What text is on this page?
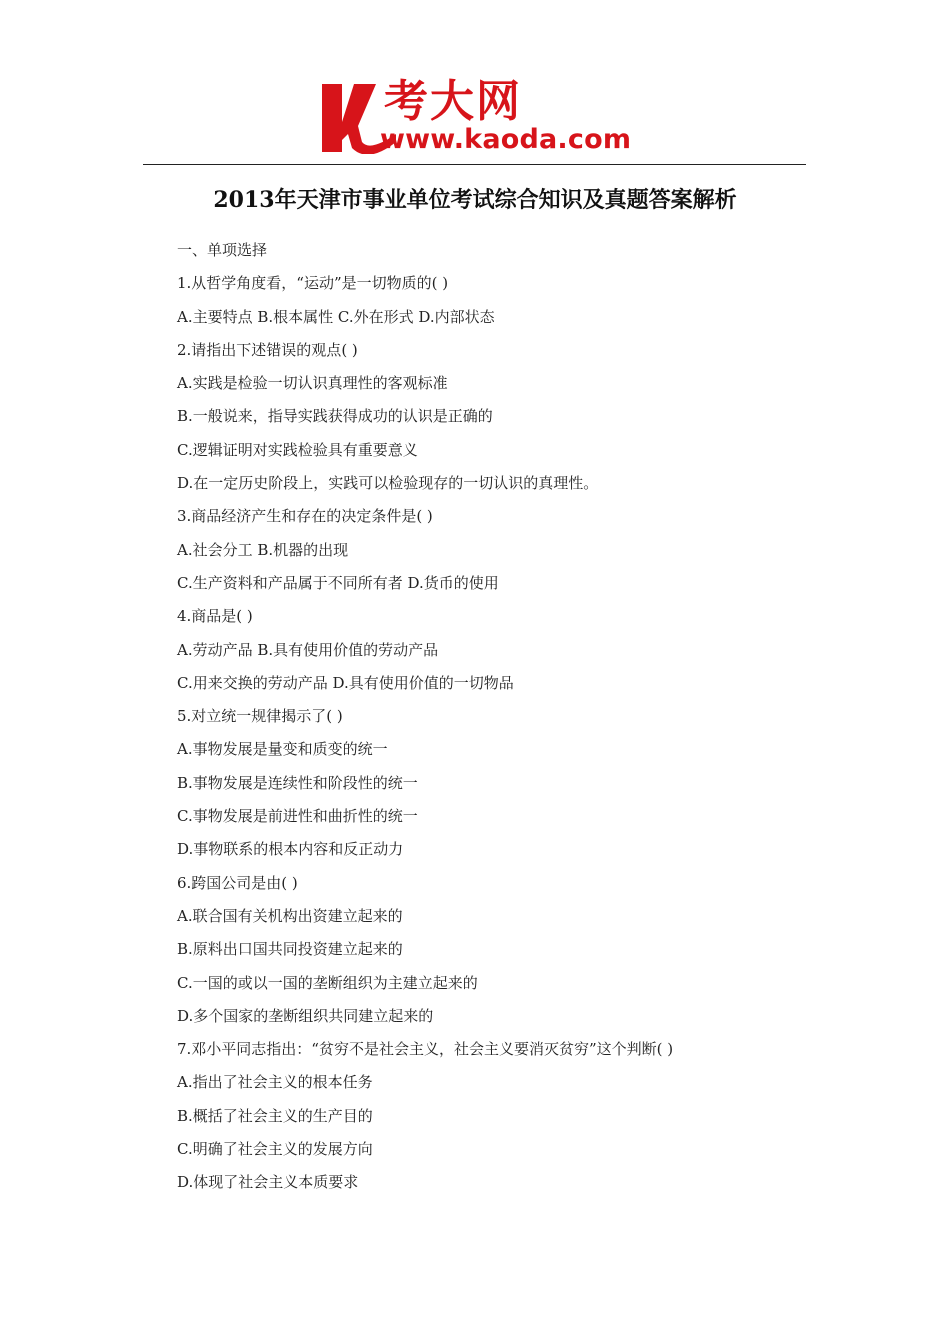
考大网
www.kaoda.com
2013年天津市事业单位考试综合知识及真题答案解析
一、单项选择
1.从哲学角度看，“运动”是一切物质的( )
A.主要特点 B.根本属性 C.外在形式 D.内部状态
2.请指出下述错误的观点( )
A.实践是检验一切认识真理性的客观标准
B.一般说来，指导实践获得成功的认识是正确的
C.逻辑证明对实践检验具有重要意义
D.在一定历史阶段上，实践可以检验现存的一切认识的真理性。
3.商品经济产生和存在的决定条件是( )
A.社会分工 B.机器的出现
C.生产资料和产品属于不同所有者 D.货币的使用
4.商品是( )
A.劳动产品 B.具有使用价值的劳动产品
C.用来交换的劳动产品 D.具有使用价值的一切物品
5.对立统一规律揭示了( )
A.事物发展是量变和质变的统一
B.事物发展是连续性和阶段性的统一
C.事物发展是前进性和曲折性的统一
D.事物联系的根本内容和反正动力
6.跨国公司是由( )
A.联合国有关机构出资建立起来的
B.原料出口国共同投资建立起来的
C.一国的或以一国的垄断组织为主建立起来的
D.多个国家的垄断组织共同建立起来的
7.邓小平同志指出：“贫穷不是社会主义，社会主义要消灭贫穷”这个判断( )
A.指出了社会主义的根本任务
B.概括了社会主义的生产目的
C.明确了社会主义的发展方向
D.体现了社会主义本质要求
